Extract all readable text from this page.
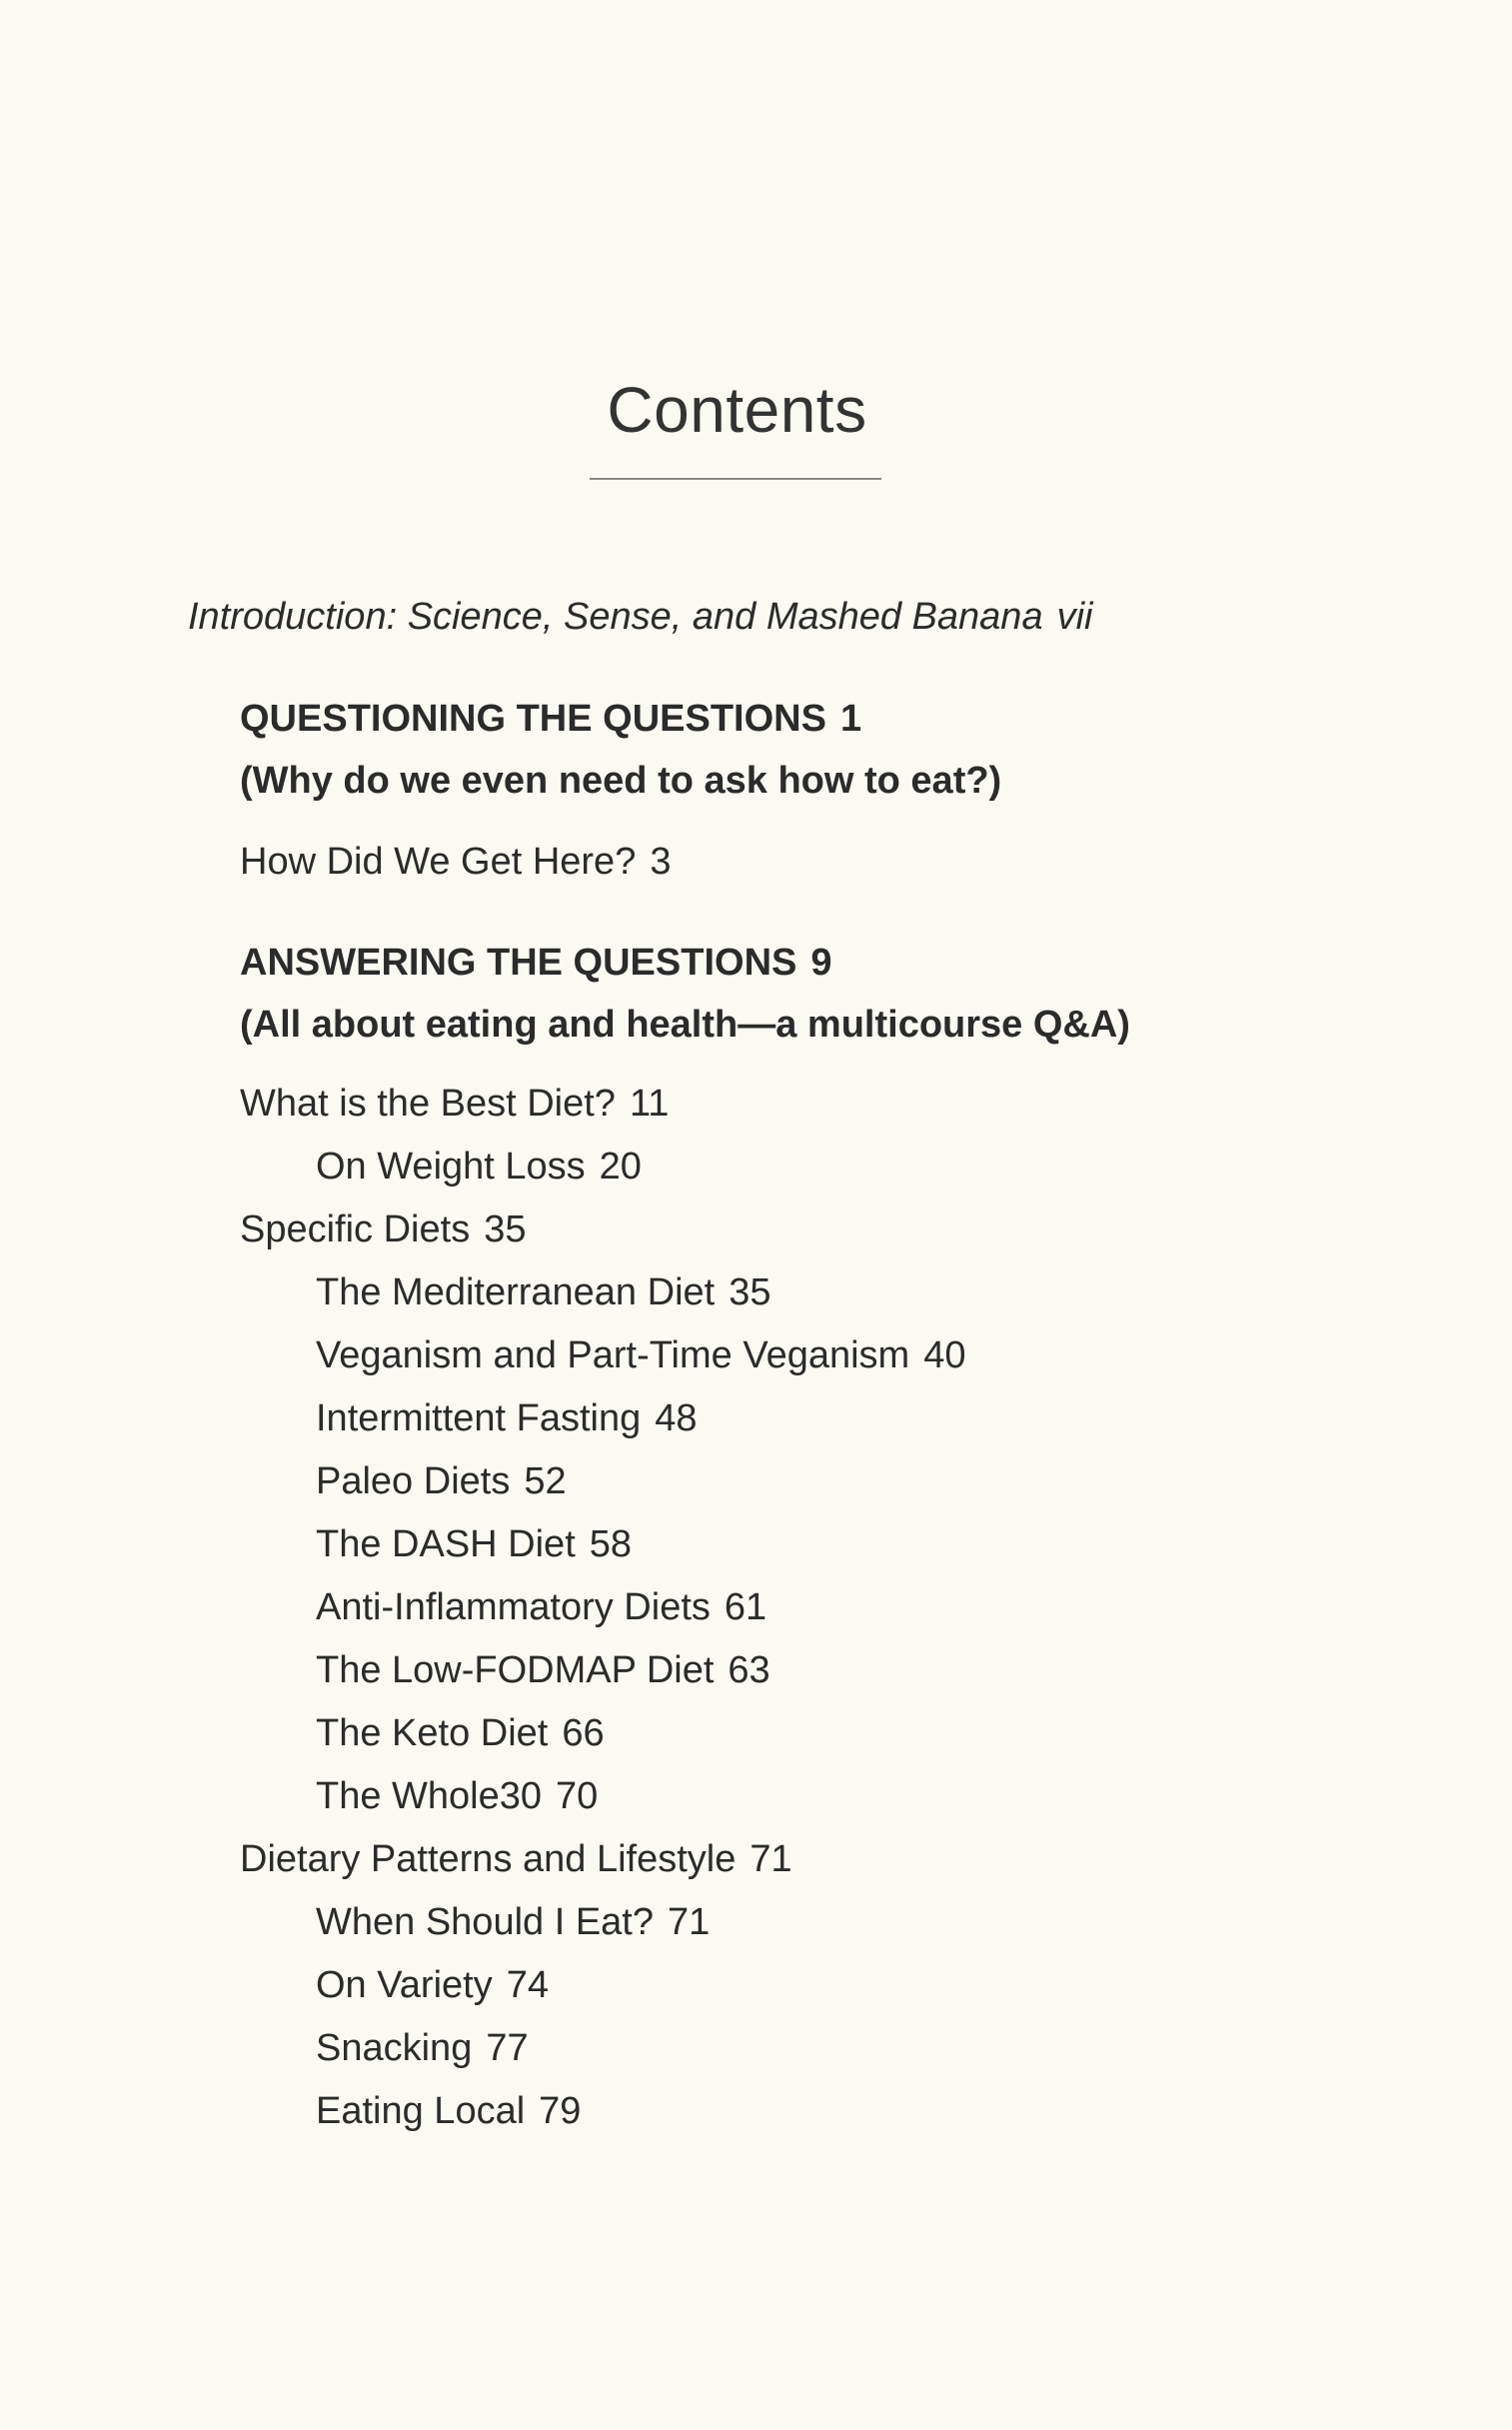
Contents
Introduction: Science, Sense, and Mashed Banana vii
QUESTIONING THE QUESTIONS 1
(Why do we even need to ask how to eat?)
How Did We Get Here? 3
ANSWERING THE QUESTIONS 9
(All about eating and health—a multicourse Q&A)
What is the Best Diet? 11
On Weight Loss 20
Specific Diets 35
The Mediterranean Diet 35
Veganism and Part-Time Veganism 40
Intermittent Fasting 48
Paleo Diets 52
The DASH Diet 58
Anti-Inflammatory Diets 61
The Low-FODMAP Diet 63
The Keto Diet 66
The Whole30 70
Dietary Patterns and Lifestyle 71
When Should I Eat? 71
On Variety 74
Snacking 77
Eating Local 79
